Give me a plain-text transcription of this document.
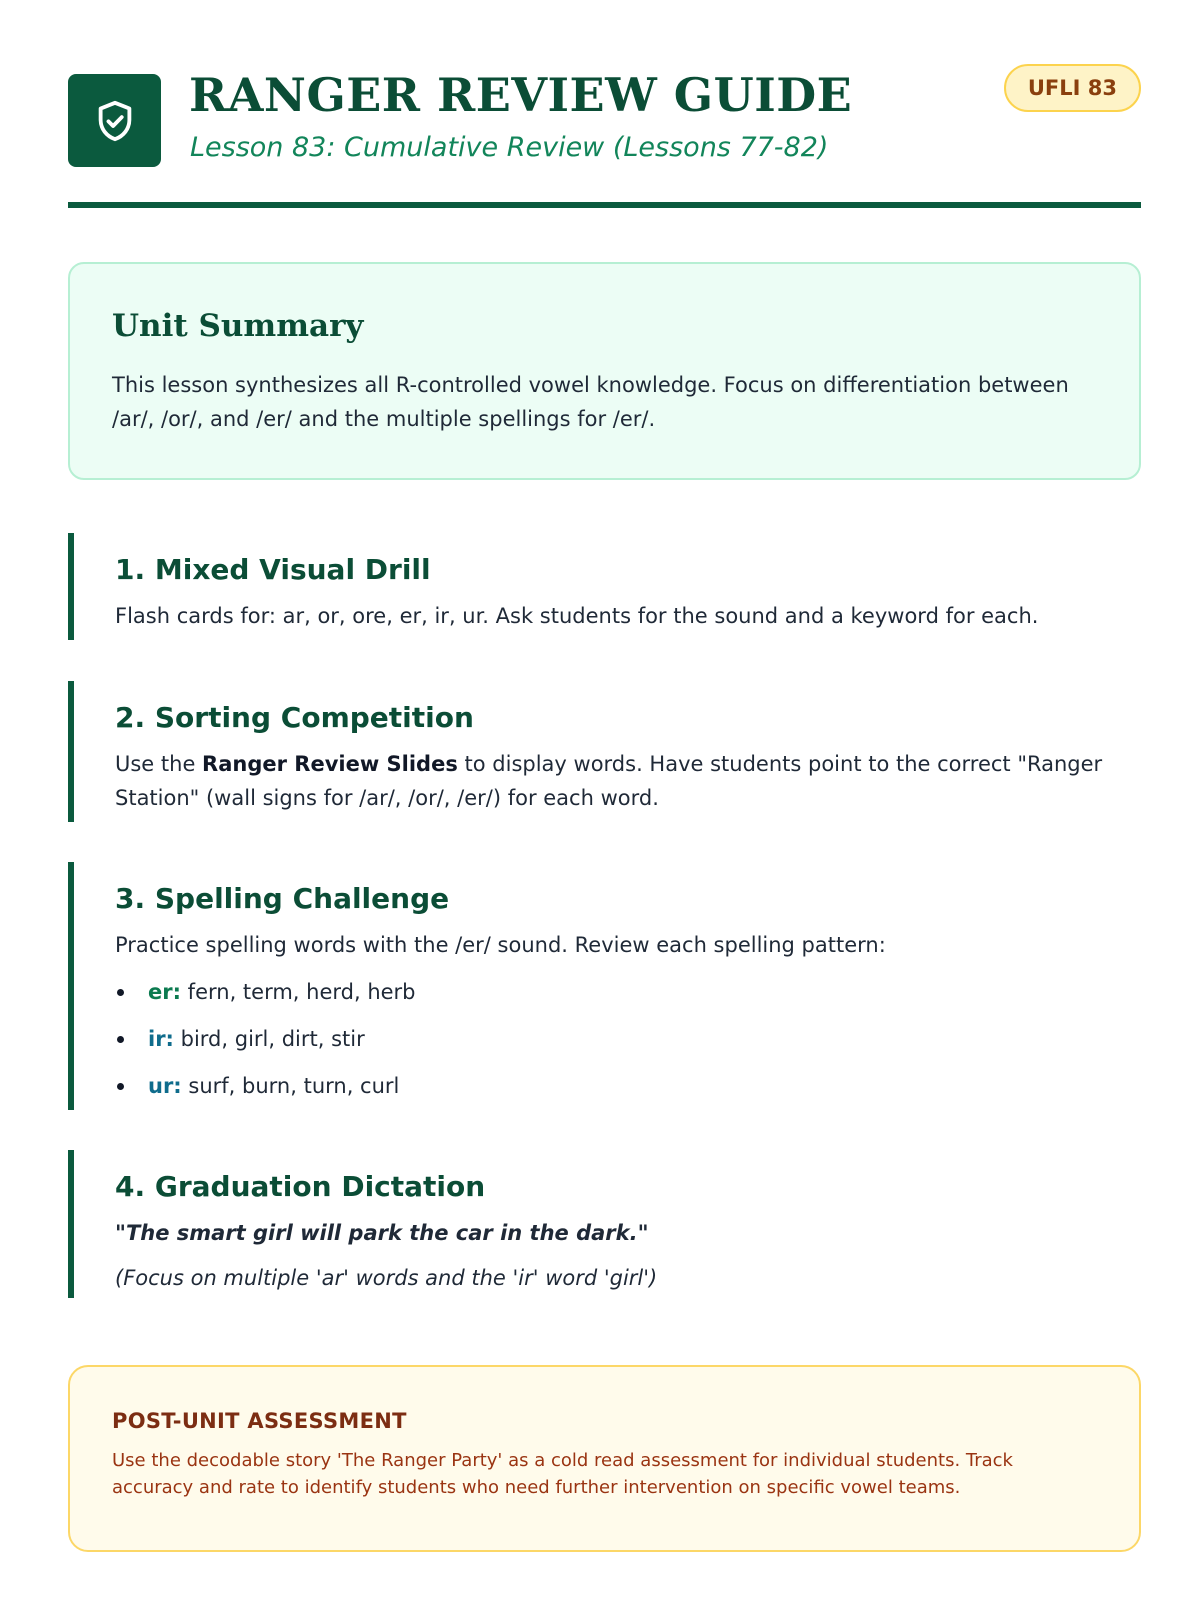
RANGER REVIEW GUIDE
Lesson 83: Cumulative Review (Lessons 77-82)
UFLI 83
Unit Summary

This lesson synthesizes all R-controlled vowel knowledge. Focus on differentiation between /ar/, /or/, and /er/ and the multiple spellings for /er/.

1. Mixed Visual Drill

Flash cards for: ar, or, ore, er, ir, ur. Ask students for the sound and a keyword for each.

2. Sorting Competition

Use the Ranger Review Slides to display words. Have students point to the correct "Ranger Station" (wall signs for /ar/, /or/, /er/) for each word.

3. Spelling Challenge

Practice spelling words with the /er/ sound. Review each spelling pattern:

er: fern, term, herd, herb
ir: bird, girl, dirt, stir
ur: surf, burn, turn, curl
4. Graduation Dictation

"The smart girl will park the car in the dark."

(Focus on multiple 'ar' words and the 'ir' word 'girl')

POST-UNIT ASSESSMENT

Use the decodable story 'The Ranger Party' as a cold read assessment for individual students. Track accuracy and rate to identify students who need further intervention on specific vowel teams.
